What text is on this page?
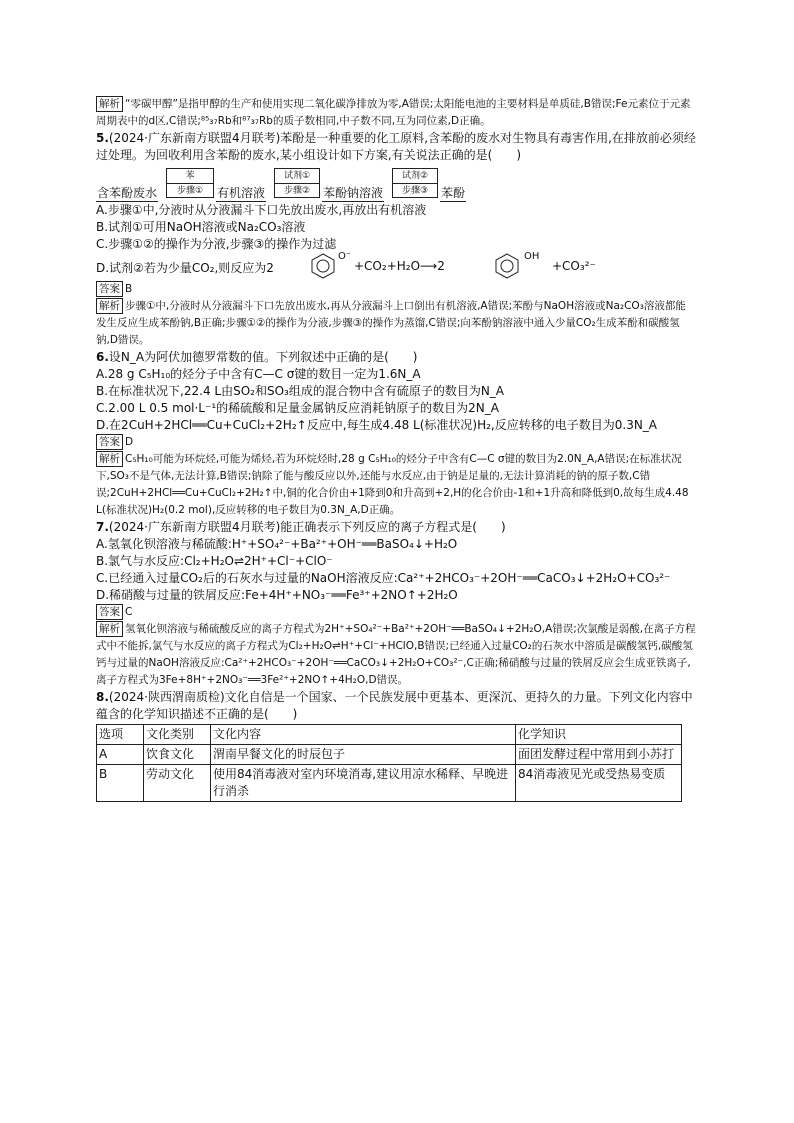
解析 “零碳甲醇”是指甲醇的生产和使用实现二氧化碳净排放为零,A错误;太阳能电池的主要材料是单质硅,B错误;Fe元素位于元素周期表中的d区,C错误;⁸⁵₃₇Rb和⁸⁷₃₇Rb的质子数相同,中子数不同,互为同位素,D正确。

5.(2024·广东新南方联盟4月联考)苯酚是一种重要的化工原料,含苯酚的废水对生物具有毒害作用,在排放前必须经过处理。为回收利用含苯酚的废水,某小组设计如下方案,有关说法正确的是(　　)

含苯酚废水
苯
步骤①	有机溶液
试剂①
步骤②	苯酚钠溶液
试剂②
步骤③	苯酚

A.步骤①中,分液时从分液漏斗下口先放出废水,再放出有机溶液

B.试剂①可用NaOH溶液或Na₂CO₃溶液

C.步骤①②的操作为分液,步骤③的操作为过滤

D.试剂②若为少量CO₂,则反应为2
O⁻
+CO₂+H₂O⟶2
OH
+CO₃²⁻

答案 B

解析 步骤①中,分液时从分液漏斗下口先放出废水,再从分液漏斗上口倒出有机溶液,A错误;苯酚与NaOH溶液或Na₂CO₃溶液都能发生反应生成苯酚钠,B正确;步骤①②的操作为分液,步骤③的操作为蒸馏,C错误;向苯酚钠溶液中通入少量CO₂生成苯酚和碳酸氢钠,D错误。

6.设N_A为阿伏加德罗常数的值。下列叙述中正确的是(　　)

A.28 g C₅H₁₀的烃分子中含有C—C σ键的数目一定为1.6N_A

B.在标准状况下,22.4 L由SO₂和SO₃组成的混合物中含有硫原子的数目为N_A

C.2.00 L 0.5 mol·L⁻¹的稀硫酸和足量金属钠反应消耗钠原子的数目为2N_A

D.在2CuH+2HCl══Cu+CuCl₂+2H₂↑反应中,每生成4.48 L(标准状况)H₂,反应转移的电子数目为0.3N_A

答案 D

解析 C₅H₁₀可能为环烷烃,可能为烯烃,若为环烷烃时,28 g C₅H₁₀的烃分子中含有C—C σ键的数目为2.0N_A,A错误;在标准状况下,SO₃不是气体,无法计算,B错误;钠除了能与酸反应以外,还能与水反应,由于钠是足量的,无法计算消耗的钠的原子数,C错误;2CuH+2HCl══Cu+CuCl₂+2H₂↑中,铜的化合价由+1降到0和升高到+2,H的化合价由-1和+1升高和降低到0,故每生成4.48 L(标准状况)H₂(0.2 mol),反应转移的电子数目为0.3N_A,D正确。

7.(2024·广东新南方联盟4月联考)能正确表示下列反应的离子方程式是(　　)

A.氢氧化钡溶液与稀硫酸:H⁺+SO₄²⁻+Ba²⁺+OH⁻══BaSO₄↓+H₂O

B.氯气与水反应:Cl₂+H₂O⇌2H⁺+Cl⁻+ClO⁻

C.已经通入过量CO₂后的石灰水与过量的NaOH溶液反应:Ca²⁺+2HCO₃⁻+2OH⁻══CaCO₃↓+2H₂O+CO₃²⁻

D.稀硝酸与过量的铁屑反应:Fe+4H⁺+NO₃⁻══Fe³⁺+2NO↑+2H₂O

答案 C

解析 氢氧化钡溶液与稀硫酸反应的离子方程式为2H⁺+SO₄²⁻+Ba²⁺+2OH⁻══BaSO₄↓+2H₂O,A错误;次氯酸是弱酸,在离子方程式中不能拆,氯气与水反应的离子方程式为Cl₂+H₂O⇌H⁺+Cl⁻+HClO,B错误;已经通入过量CO₂的石灰水中溶质是碳酸氢钙,碳酸氢钙与过量的NaOH溶液反应:Ca²⁺+2HCO₃⁻+2OH⁻══CaCO₃↓+2H₂O+CO₃²⁻,C正确;稀硝酸与过量的铁屑反应会生成亚铁离子,离子方程式为3Fe+8H⁺+2NO₃⁻══3Fe²⁺+2NO↑+4H₂O,D错误。

8.(2024·陕西渭南质检)文化自信是一个国家、一个民族发展中更基本、更深沉、更持久的力量。下列文化内容中蕴含的化学知识描述不正确的是(　　)

选项	文化类别	文化内容	化学知识
A	饮食文化	渭南早餐文化的时辰包子	面团发酵过程中常用到小苏打
B	劳动文化	使用84消毒液对室内环境消毒,建议用凉水稀释、早晚进行消杀	84消毒液见光或受热易变质
